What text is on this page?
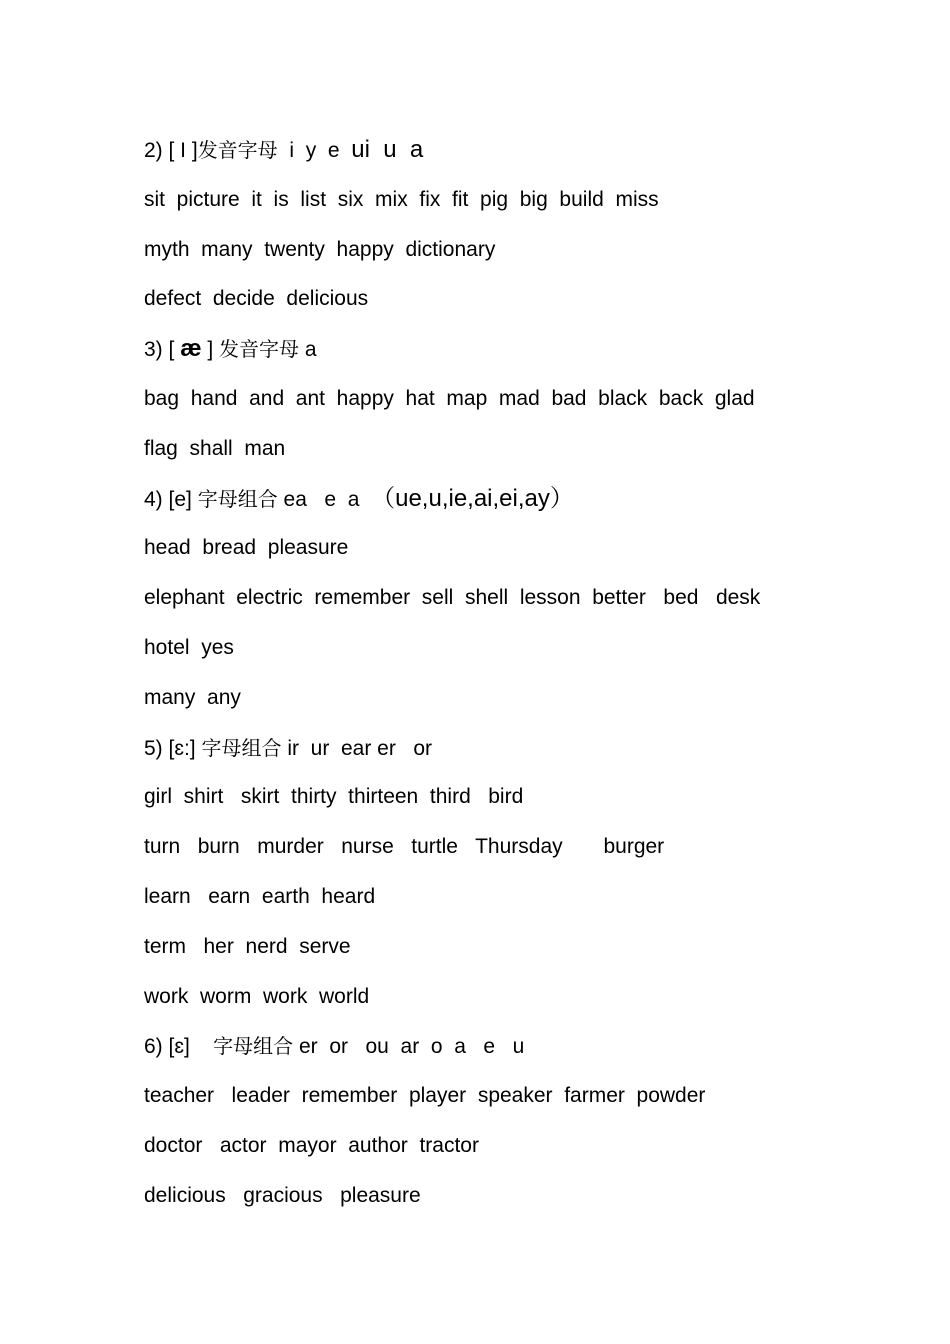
2) [ I ]发音字母  i  y  e  ui  u  a
sit  picture  it  is  list  six  mix  fix  fit  pig  big  build  miss
myth  many  twenty  happy  dictionary
defect  decide  delicious
3) [ æ ] 发音字母 a
bag  hand  and  ant  happy  hat  map  mad  bad  black  back  glad
flag  shall  man
4) [e] 字母组合 ea   e  a  （ue,u,ie,ai,ei,ay）
head  bread  pleasure
elephant  electric  remember  sell  shell  lesson  better   bed   desk
hotel  yes
many  any
5) [ɛ:] 字母组合 ir  ur  ear er   or
girl  shirt   skirt  thirty  thirteen  third   bird
turn   burn   murder   nurse   turtle   Thursday       burger
learn   earn  earth  heard
term   her  nerd  serve
work  worm  work  world
6) [ɛ]    字母组合 er  or   ou  ar  o  a   e   u
teacher   leader  remember  player  speaker  farmer  powder
doctor   actor  mayor  author  tractor
delicious   gracious   pleasure
